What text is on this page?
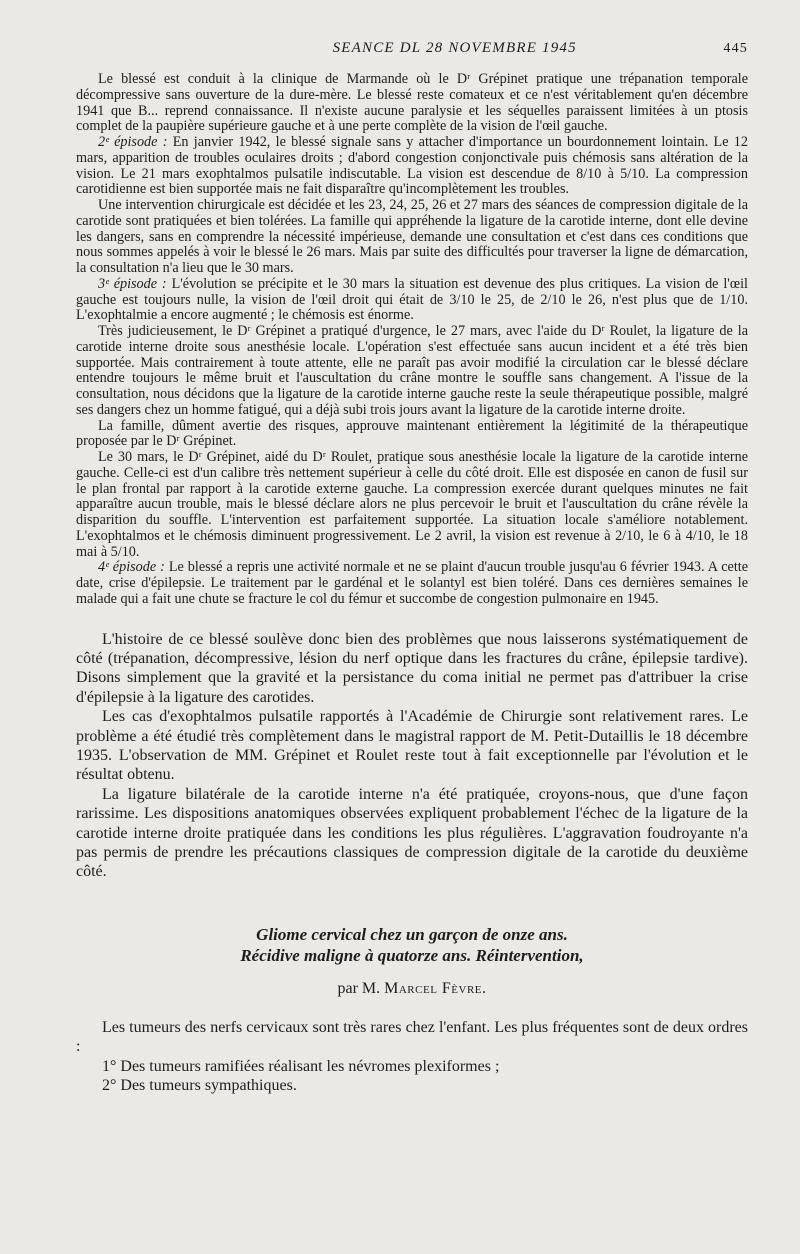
SEANCE DL 28 NOVEMBRE 1945	445

Le blessé est conduit à la clinique de Marmande où le Dʳ Grépinet pratique une trépanation temporale décompressive sans ouverture de la dure-mère. Le blessé reste comateux et ce n'est véritablement qu'en décembre 1941 que B... reprend connaissance. Il n'existe aucune paralysie et les séquelles paraissent limitées à un ptosis complet de la paupière supérieure gauche et à une perte complète de la vision de l'œil gauche.

2ᵉ épisode : En janvier 1942, le blessé signale sans y attacher d'importance un bourdonnement lointain. Le 12 mars, apparition de troubles oculaires droits ; d'abord congestion conjonctivale puis chémosis sans altération de la vision. Le 21 mars exophtalmos pulsatile indiscutable. La vision est descendue de 8/10 à 5/10. La compression carotidienne est bien supportée mais ne fait disparaître qu'incomplètement les troubles.

Une intervention chirurgicale est décidée et les 23, 24, 25, 26 et 27 mars des séances de compression digitale de la carotide sont pratiquées et bien tolérées. La famille qui appréhende la ligature de la carotide interne, dont elle devine les dangers, sans en comprendre la nécessité impérieuse, demande une consultation et c'est dans ces conditions que nous sommes appelés à voir le blessé le 26 mars. Mais par suite des difficultés pour traverser la ligne de démarcation, la consultation n'a lieu que le 30 mars.

3ᵉ épisode : L'évolution se précipite et le 30 mars la situation est devenue des plus critiques. La vision de l'œil gauche est toujours nulle, la vision de l'œil droit qui était de 3/10 le 25, de 2/10 le 26, n'est plus que de 1/10. L'exophtalmie a encore augmenté ; le chémosis est énorme.

Très judicieusement, le Dʳ Grépinet a pratiqué d'urgence, le 27 mars, avec l'aide du Dʳ Roulet, la ligature de la carotide interne droite sous anesthésie locale. L'opération s'est effectuée sans aucun incident et a été très bien supportée. Mais contrairement à toute attente, elle ne paraît pas avoir modifié la circulation car le blessé déclare entendre toujours le même bruit et l'auscultation du crâne montre le souffle sans changement. A l'issue de la consultation, nous décidons que la ligature de la carotide interne gauche reste la seule thérapeutique possible, malgré ses dangers chez un homme fatigué, qui a déjà subi trois jours avant la ligature de la carotide interne droite.

La famille, dûment avertie des risques, approuve maintenant entièrement la légitimité de la thérapeutique proposée par le Dʳ Grépinet.

Le 30 mars, le Dʳ Grépinet, aidé du Dʳ Roulet, pratique sous anesthésie locale la ligature de la carotide interne gauche. Celle-ci est d'un calibre très nettement supérieur à celle du côté droit. Elle est disposée en canon de fusil sur le plan frontal par rapport à la carotide externe gauche. La compression exercée durant quelques minutes ne fait apparaître aucun trouble, mais le blessé déclare alors ne plus percevoir le bruit et l'auscultation du crâne révèle la disparition du souffle. L'intervention est parfaitement supportée. La situation locale s'améliore notablement. L'exophtalmos et le chémosis diminuent progressivement. Le 2 avril, la vision est revenue à 2/10, le 6 à 4/10, le 18 mai à 5/10.

4ᵉ épisode : Le blessé a repris une activité normale et ne se plaint d'aucun trouble jusqu'au 6 février 1943. A cette date, crise d'épilepsie. Le traitement par le gardénal et le solantyl est bien toléré. Dans ces dernières semaines le malade qui a fait une chute se fracture le col du fémur et succombe de congestion pulmonaire en 1945.

L'histoire de ce blessé soulève donc bien des problèmes que nous laisserons systématiquement de côté (trépanation, décompressive, lésion du nerf optique dans les fractures du crâne, épilepsie tardive). Disons simplement que la gravité et la persistance du coma initial ne permet pas d'attribuer la crise d'épilepsie à la ligature des carotides.

Les cas d'exophtalmos pulsatile rapportés à l'Académie de Chirurgie sont relativement rares. Le problème a été étudié très complètement dans le magistral rapport de M. Petit-Dutaillis le 18 décembre 1935. L'observation de MM. Grépinet et Roulet reste tout à fait exceptionnelle par l'évolution et le résultat obtenu.

La ligature bilatérale de la carotide interne n'a été pratiquée, croyons-nous, que d'une façon rarissime. Les dispositions anatomiques observées expliquent probablement l'échec de la ligature de la carotide interne droite pratiquée dans les conditions les plus régulières. L'aggravation foudroyante n'a pas permis de prendre les précautions classiques de compression digitale de la carotide du deuxième côté.

Gliome cervical chez un garçon de onze ans.
Récidive maligne à quatorze ans. Réintervention,
par M. Marcel Fèvre.

Les tumeurs des nerfs cervicaux sont très rares chez l'enfant. Les plus fréquentes sont de deux ordres :

1° Des tumeurs ramifiées réalisant les névromes plexiformes ;

2° Des tumeurs sympathiques.
